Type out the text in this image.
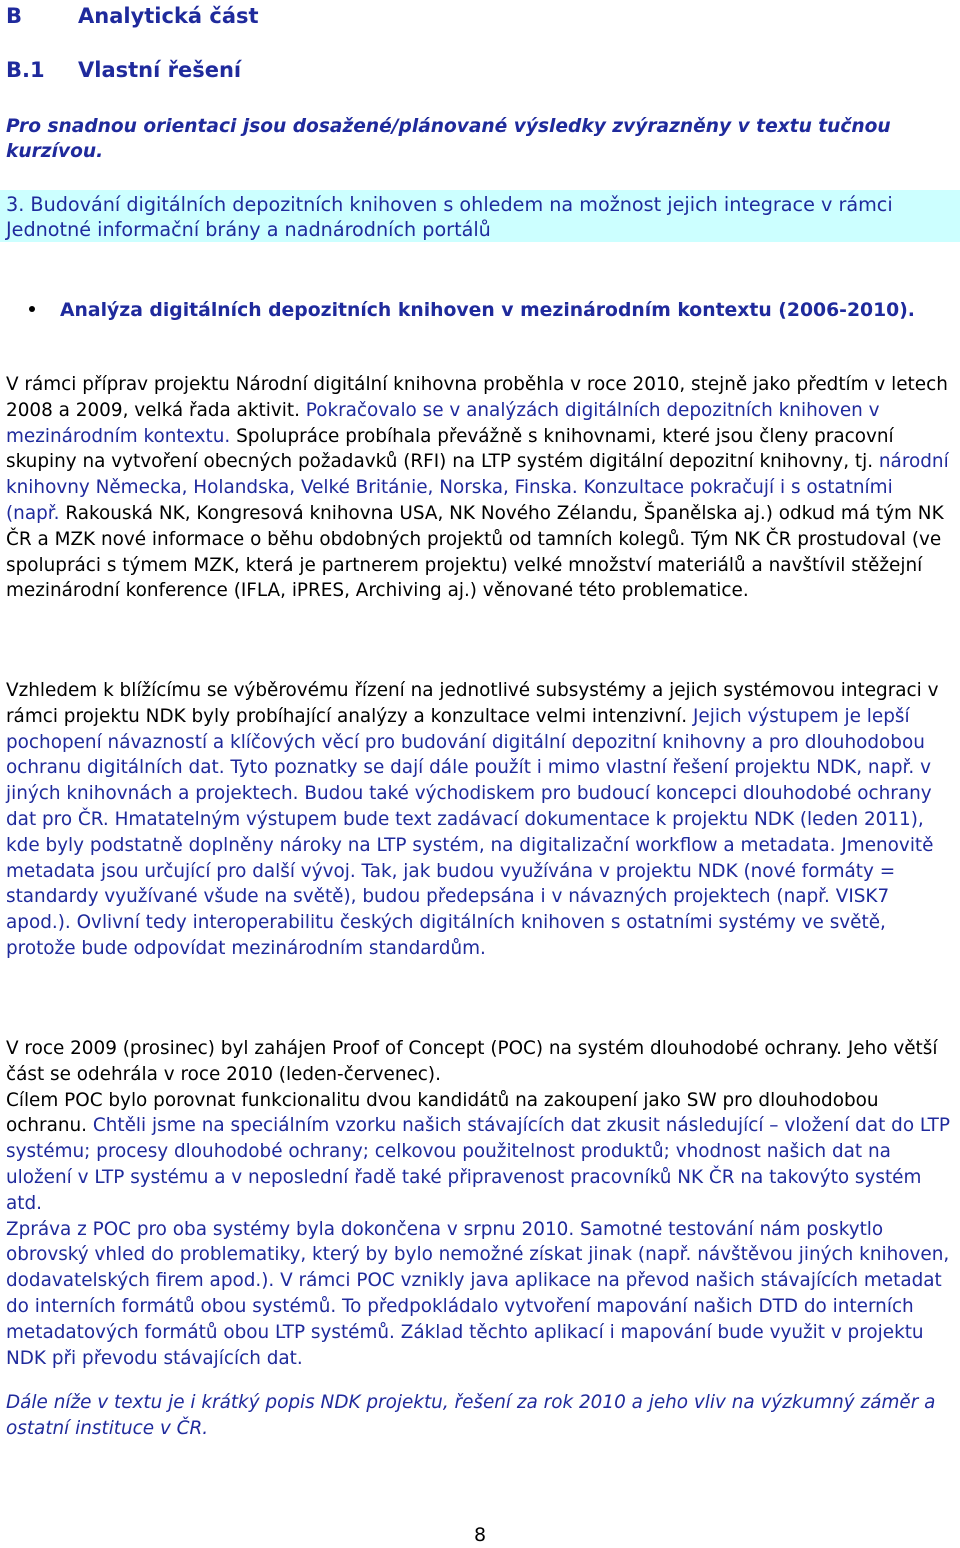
B	Analytická část
B.1 Vlastní řešení
Pro snadnou orientaci jsou dosažené/plánované výsledky zvýrazněny v textu tučnou kurzívou.
3. Budování digitálních depozitních knihoven s ohledem na možnost jejich integrace v rámci Jednotné informační brány a nadnárodních portálů
Analýza digitálních depozitních knihoven v mezinárodním kontextu (2006-2010).
V rámci příprav projektu Národní digitální knihovna proběhla v roce 2010, stejně jako předtím v letech 2008 a 2009, velká řada aktivit. Pokračovalo se v analýzách digitálních depozitních knihoven v mezinárodním kontextu. Spolupráce probíhala převážně s knihovnami, které jsou členy pracovní skupiny na vytvoření obecných požadavků (RFI) na LTP systém digitální depozitní knihovny, tj. národní knihovny Německa, Holandska, Velké Británie, Norska, Finska. Konzultace pokračují i s ostatními (např. Rakouská NK, Kongresová knihovna USA, NK Nového Zélandu, Španělska aj.) odkud má tým NK ČR a MZK nové informace o běhu obdobných projektů od tamních kolegů. Tým NK ČR prostudoval (ve spolupráci s týmem MZK, která je partnerem projektu) velké množství materiálů a navštívil stěžejní mezinárodní konference (IFLA, iPRES, Archiving aj.) věnované této problematice.
Vzhledem k blížícímu se výběrovému řízení na jednotlivé subsystémy a jejich systémovou integraci v rámci projektu NDK byly probíhající analýzy a konzultace velmi intenzivní. Jejich výstupem je lepší pochopení návazností a klíčových věcí pro budování digitální depozitní knihovny a pro dlouhodobou ochranu digitálních dat. Tyto poznatky se dají dále použít i mimo vlastní řešení projektu NDK, např. v jiných knihovnách a projektech. Budou také východiskem pro budoucí koncepci dlouhodobé ochrany dat pro ČR. Hmatatelným výstupem bude text zadávací dokumentace k projektu NDK (leden 2011), kde byly podstatně doplněny nároky na LTP systém, na digitalizační workflow a metadata. Jmenovitě metadata jsou určující pro další vývoj. Tak, jak budou využívána v projektu NDK (nové formáty = standardy využívané všude na světě), budou předepsána i v návazných projektech (např. VISK7 apod.). Ovlivní tedy interoperabilitu českých digitálních knihoven s ostatními systémy ve světě, protože bude odpovídat mezinárodním standardům.
V roce 2009 (prosinec) byl zahájen Proof of Concept (POC) na systém dlouhodobé ochrany. Jeho větší část se odehrála v roce 2010 (leden-červenec).
Cílem POC bylo porovnat funkcionalitu dvou kandidátů na zakoupení jako SW pro dlouhodobou ochranu. Chtěli jsme na speciálním vzorku našich stávajících dat zkusit následující – vložení dat do LTP systému; procesy dlouhodobé ochrany; celkovou použitelnost produktů; vhodnost našich dat na uložení v LTP systému a v neposlední řadě také připravenost pracovníků NK ČR na takovýto systém atd.
Zpráva z POC pro oba systémy byla dokončena v srpnu 2010. Samotné testování nám poskytlo obrovský vhled do problematiky, který by bylo nemožné získat jinak (např. návštěvou jiných knihoven, dodavatelských firem apod.). V rámci POC vznikly java aplikace na převod našich stávajících metadat do interních formátů obou systémů. To předpokládalo vytvoření mapování našich DTD do interních metadatových formátů obou LTP systémů. Základ těchto aplikací i mapování bude využit v projektu NDK při převodu stávajících dat.
Dále níže v textu je i krátký popis NDK projektu, řešení za rok 2010 a jeho vliv na výzkumný záměr a ostatní instituce v ČR.
8
